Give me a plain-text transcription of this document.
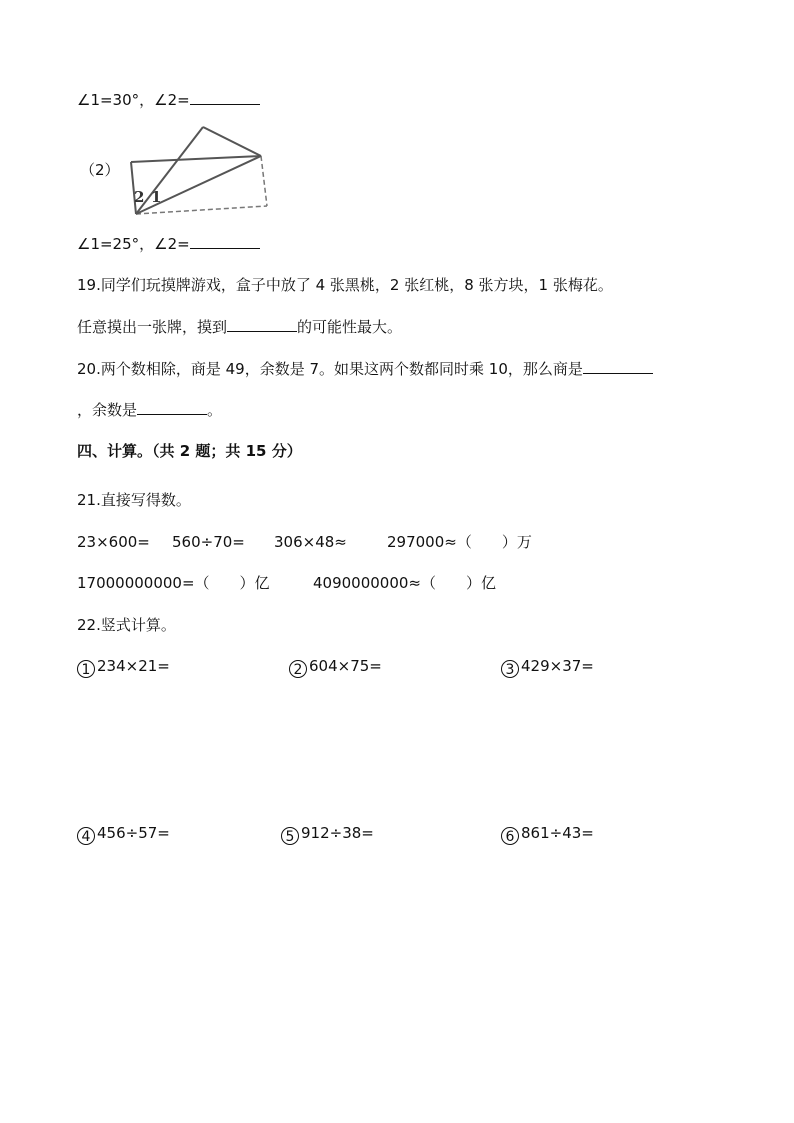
∠1=30°，∠2=
（2）
2 1
∠1=25°，∠2=
19.同学们玩摸牌游戏，盒子中放了 4 张黑桃，2 张红桃，8 张方块，1 张梅花。
任意摸出一张牌，摸到	的可能性最大。
20.两个数相除，商是 49，余数是 7。如果这两个数都同时乘 10，那么商是
，余数是	。
四、计算。（共 2 题；共 15 分）
21.直接写得数。
23×600= 560÷70= 306×48≈	297000≈（　　）万
17000000000=（　　）亿	4090000000≈（　　）亿
22.竖式计算。
1 234×21=	2 604×75=	3 429×37=
4 456÷57=	5 912÷38=	6 861÷43=
